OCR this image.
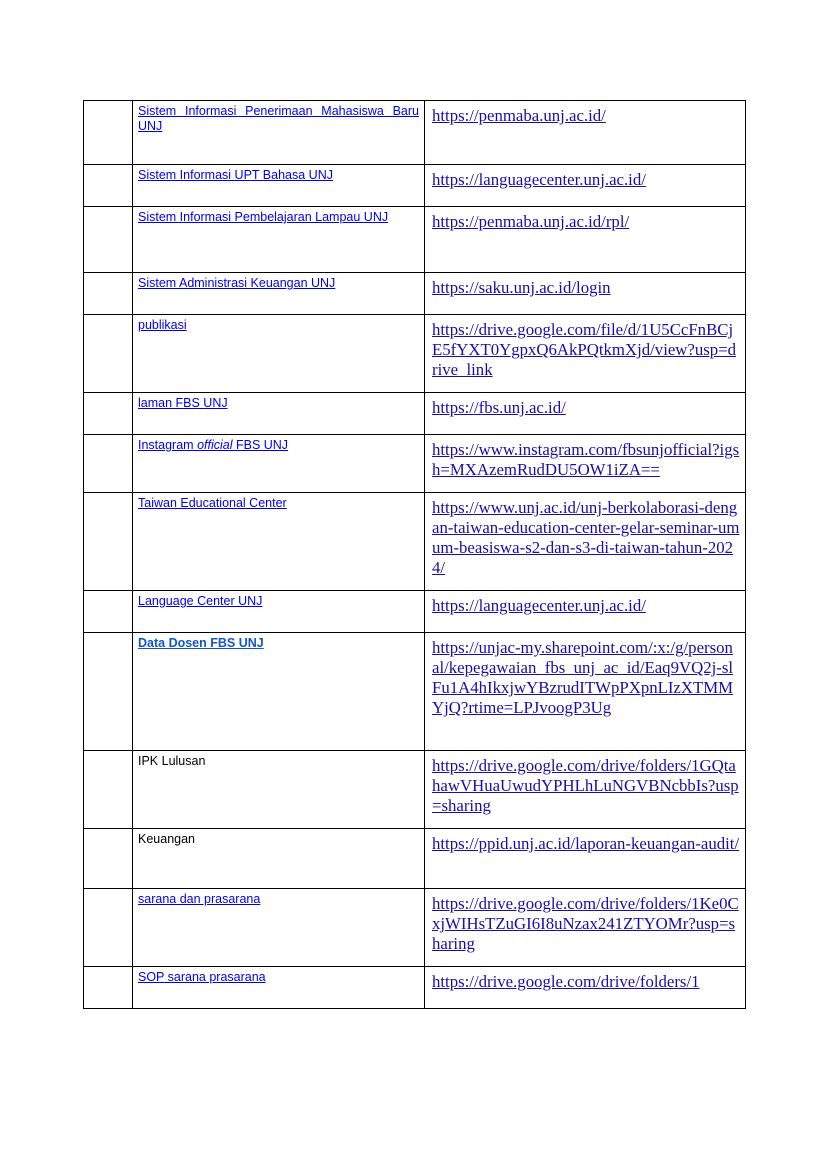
	Sistem Informasi Penerimaan Mahasiswa Baru UNJ	https://penmaba.unj.ac.id/

	Sistem Informasi UPT Bahasa UNJ	https://languagecenter.unj.ac.id/

	Sistem Informasi Pembelajaran Lampau UNJ	https://penmaba.unj.ac.id/rpl/

	Sistem Administrasi Keuangan UNJ	https://saku.unj.ac.id/login

	publikasi	https://drive.google.com/file/d/1U5CcFnBCjE5fYXT0YgpxQ6AkPQtkmXjd/view?usp=drive_link

	laman FBS UNJ	https://fbs.unj.ac.id/

	Instagram official FBS UNJ	https://www.instagram.com/fbsunjofficial?igsh=MXAzemRudDU5OW1iZA==

	Taiwan Educational Center	https://www.unj.ac.id/unj-berkolaborasi-dengan-taiwan-education-center-gelar-seminar-umum-beasiswa-s2-dan-s3-di-taiwan-tahun-2024/

	Language Center UNJ	https://languagecenter.unj.ac.id/

	Data Dosen FBS UNJ	https://unjac-my.sharepoint.com/:x:/g/personal/kepegawaian_fbs_unj_ac_id/Eaq9VQ2j-slFu1A4hIkxjwYBzrudITWpPXpnLIzXTMMYjQ?rtime=LPJvoogP3Ug

	IPK Lulusan	https://drive.google.com/drive/folders/1GQtahawVHuaUwudYPHLhLuNGVBNcbbIs?usp=sharing

	Keuangan	https://ppid.unj.ac.id/laporan-keuangan-audit/

	sarana dan prasarana	https://drive.google.com/drive/folders/1Ke0CxjWIHsTZuGI6I8uNzax241ZTYOMr?usp=sharing

	SOP sarana prasarana	https://drive.google.com/drive/folders/1
